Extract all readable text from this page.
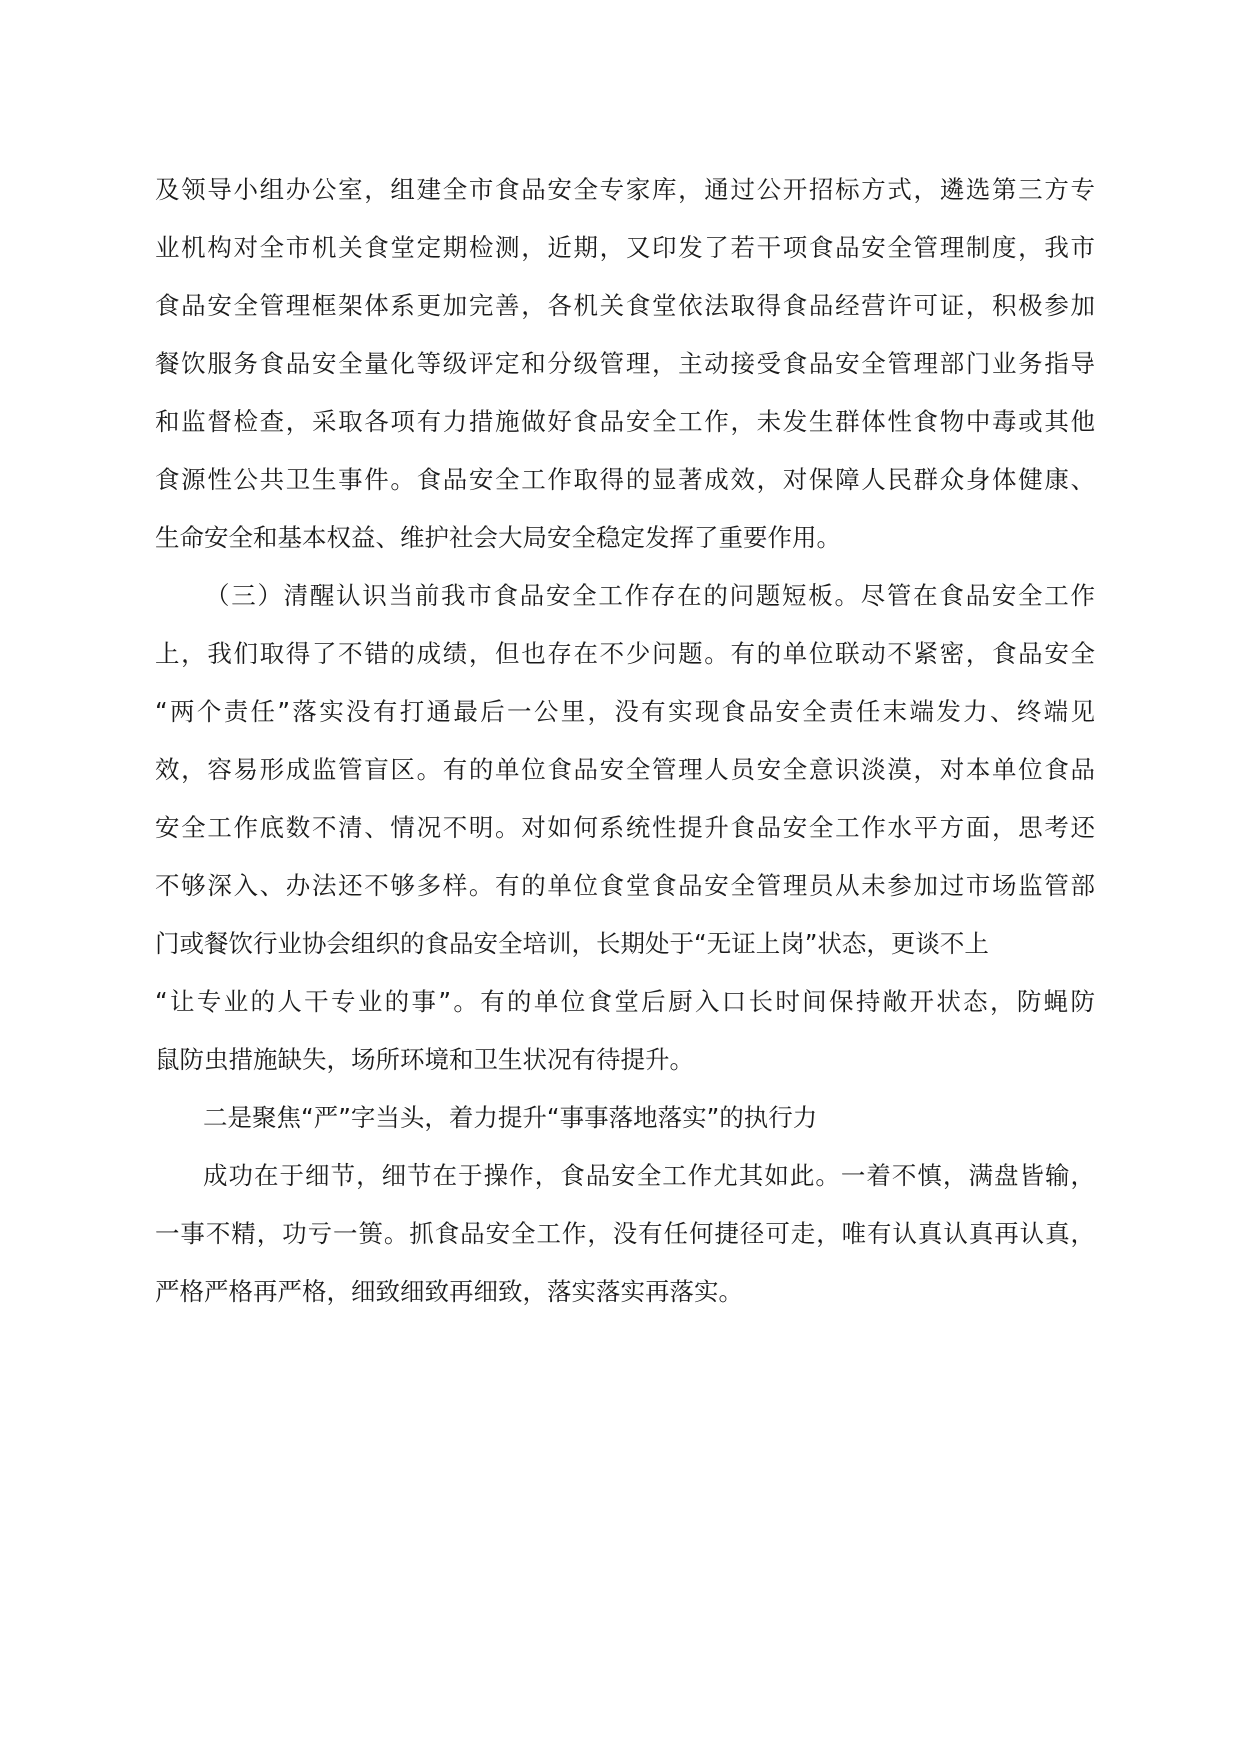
及领导小组办公室，组建全市食品安全专家库，通过公开招标方式，遴选第三方专
业机构对全市机关食堂定期检测，近期，又印发了若干项食品安全管理制度，我市
食品安全管理框架体系更加完善，各机关食堂依法取得食品经营许可证，积极参加
餐饮服务食品安全量化等级评定和分级管理，主动接受食品安全管理部门业务指导
和监督检查，采取各项有力措施做好食品安全工作，未发生群体性食物中毒或其他
食源性公共卫生事件。食品安全工作取得的显著成效，对保障人民群众身体健康、
生命安全和基本权益、维护社会大局安全稳定发挥了重要作用。
（三）清醒认识当前我市食品安全工作存在的问题短板。尽管在食品安全工作
上，我们取得了不错的成绩，但也存在不少问题。有的单位联动不紧密，食品安全
“两个责任”落实没有打通最后一公里，没有实现食品安全责任末端发力、终端见
效，容易形成监管盲区。有的单位食品安全管理人员安全意识淡漠，对本单位食品
安全工作底数不清、情况不明。对如何系统性提升食品安全工作水平方面，思考还
不够深入、办法还不够多样。有的单位食堂食品安全管理员从未参加过市场监管部
门或餐饮行业协会组织的食品安全培训，长期处于“无证上岗”状态，更谈不上
“让专业的人干专业的事”。有的单位食堂后厨入口长时间保持敞开状态，防蝇防
鼠防虫措施缺失，场所环境和卫生状况有待提升。
二是聚焦“严”字当头，着力提升“事事落地落实”的执行力
成功在于细节，细节在于操作，食品安全工作尤其如此。一着不慎，满盘皆输，
一事不精，功亏一篑。抓食品安全工作，没有任何捷径可走，唯有认真认真再认真，
严格严格再严格，细致细致再细致，落实落实再落实。
